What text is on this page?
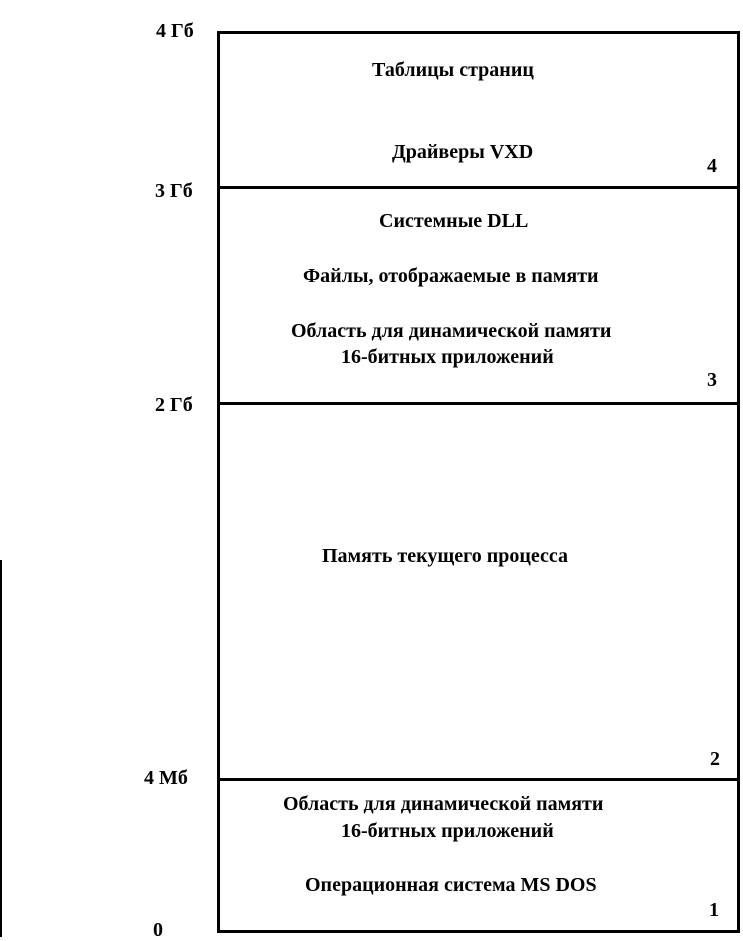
4 Гб
3 Гб
2 Гб
4 Мб
0
Таблицы страниц
Драйверы VXD
4
Системные DLL
Файлы, отображаемые в памяти
Область для динамической памяти
16-битных приложений
3
Память текущего процесса
2
Область для динамической памяти
16-битных приложений
Операционная система MS DOS
1
